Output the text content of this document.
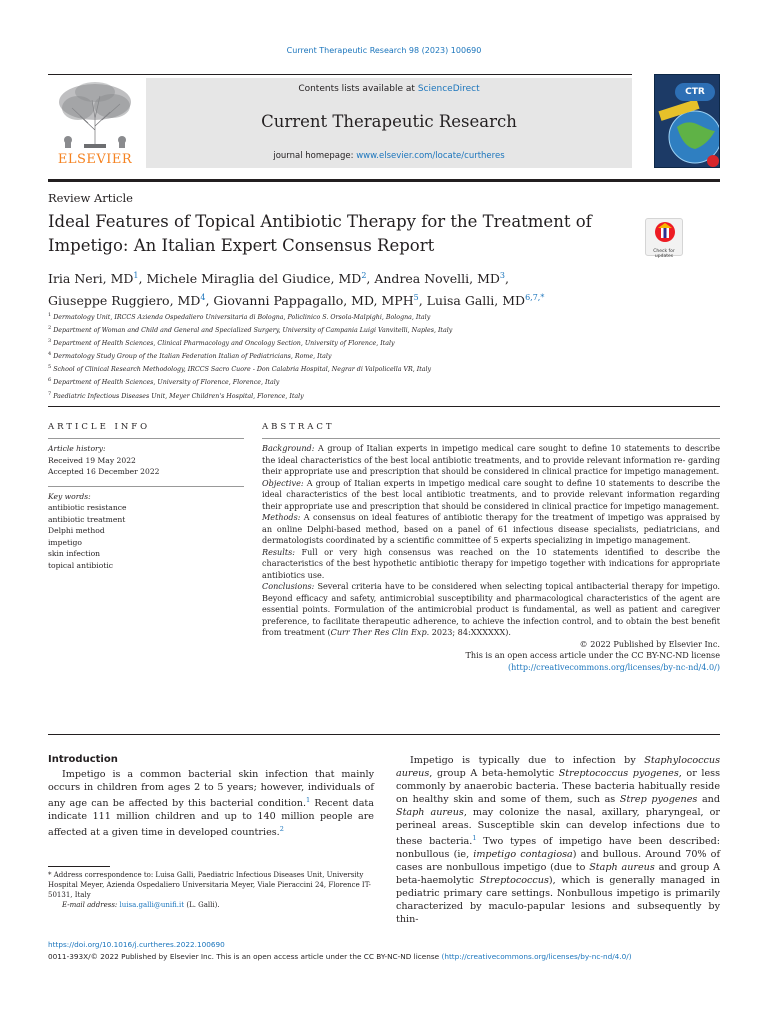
Current Therapeutic Research 98 (2023) 100690
ELSEVIER
Contents lists available at ScienceDirect
Current Therapeutic Research
journal homepage: www.elsevier.com/locate/curtheres
CTR
Review Article
Ideal Features of Topical Antibiotic Therapy for the Treatment of
Impetigo: An Italian Expert Consensus Report	Check for updates
Iria Neri, $MD^1$, Michele Miraglia del Giudice, $MD^2$, Andrea Novelli, $MD^3$,
Giuseppe Ruggiero, $MD^4$, Giovanni Pappagallo, MD, MPH$^5$, Luisa Galli, $MD^{6,7,*}$
$^1$ Dermatology Unit, IRCCS Azienda Ospedaliero Universitaria di Bologna, Policlinico S. Orsola-Malpighi, Bologna, Italy
$^2$ Department of Woman and Child and General and Specialized Surgery, University of Campania Luigi Vanvitelli, Naples, Italy
$^3$ Department of Health Sciences, Clinical Pharmacology and Oncology Section, University of Florence, Italy
$^4$ Dermatology Study Group of the Italian Federation Italian of Pediatricians, Rome, Italy
$^5$ School of Clinical Research Methodology, IRCCS Sacro Cuore - Don Calabria Hospital, Negrar di Valpolicella VR, Italy
$^6$ Department of Health Sciences, University of Florence, Florence, Italy
$^7$ Paediatric Infectious Diseases Unit, Meyer Children's Hospital, Florence, Italy
ARTICLE INFO	ABSTRACT
Article history:
Received 19 May 2022
Accepted 16 December 2022
Key words:
antibiotic resistance
antibiotic treatment
Delphi method
impetigo
skin infection
topical antibiotic
Background: A group of Italian experts in impetigo medical care sought to define 10 statements to describe the ideal characteristics of the best local antibiotic treatments, and to provide relevant information re- garding their appropriate use and prescription that should be considered in clinical practice for impetigo management.
Objective: A group of Italian experts in impetigo medical care sought to define 10 statements to describe the ideal characteristics of the best local antibiotic treatments, and to provide relevant information regarding their appropriate use and prescription that should be considered in clinical practice for impetigo management.
Methods: A consensus on ideal features of antibiotic therapy for the treatment of impetigo was appraised by an online Delphi-based method, based on a panel of 61 infectious disease specialists, pediatricians, and dermatologists coordinated by a scientific committee of 5 experts specializing in impetigo management.
Results: Full or very high consensus was reached on the 10 statements identified to describe the characteristics of the best hypothetic antibiotic therapy for impetigo together with indications for appropriate antibiotics use.
Conclusions: Several criteria have to be considered when selecting topical antibacterial therapy for impetigo. Beyond efficacy and safety, antimicrobial susceptibility and pharmacological characteristics of the agent are essential points. Formulation of the antimicrobial product is fundamental, as well as patient and caregiver preference, to facilitate therapeutic adherence, to achieve the infection control, and to obtain the best benefit from treatment (Curr Ther Res Clin Exp. 2023; 84:XXXXXX).
© 2022 Published by Elsevier Inc.
This is an open access article under the CC BY-NC-ND license
(http://creativecommons.org/licenses/by-nc-nd/4.0/)
Introduction

Impetigo is a common bacterial skin infection that mainly occurs in children from ages 2 to 5 years; however, individuals of any age can be affected by this bacterial condition.$^1$ Recent data indicate 111 million children and up to 140 million people are affected at a given time in developed countries.$^2$

Impetigo is typically due to infection by Staphylococcus aureus, group A beta-hemolytic Streptococcus pyogenes, or less commonly by anaerobic bacteria. These bacteria habitually reside on healthy skin and some of them, such as Strep pyogenes and Staph aureus, may colonize the nasal, axillary, pharyngeal, or perineal areas. Susceptible skin can develop infections due to these bacteria.$^1$ Two types of impetigo have been described: nonbullous (ie, impetigo contagiosa) and bullous. Around 70% of cases are nonbullous impetigo (due to Staph aureus and group A beta-haemolytic Streptococcus), which is generally managed in pediatric primary care settings. Nonbullous impetigo is primarily characterized by maculo-papular lesions and subsequently by thin-

* Address correspondence to: Luisa Galli, Paediatric Infectious Diseases Unit, University Hospital Meyer, Azienda Ospedaliero Universitaria Meyer, Viale Pieraccini 24, Florence IT-50131, Italy
E-mail address: luisa.galli@unifi.it (L. Galli).
https://doi.org/10.1016/j.curtheres.2022.100690
0011-393X/© 2022 Published by Elsevier Inc. This is an open access article under the CC BY-NC-ND license (http://creativecommons.org/licenses/by-nc-nd/4.0/)
